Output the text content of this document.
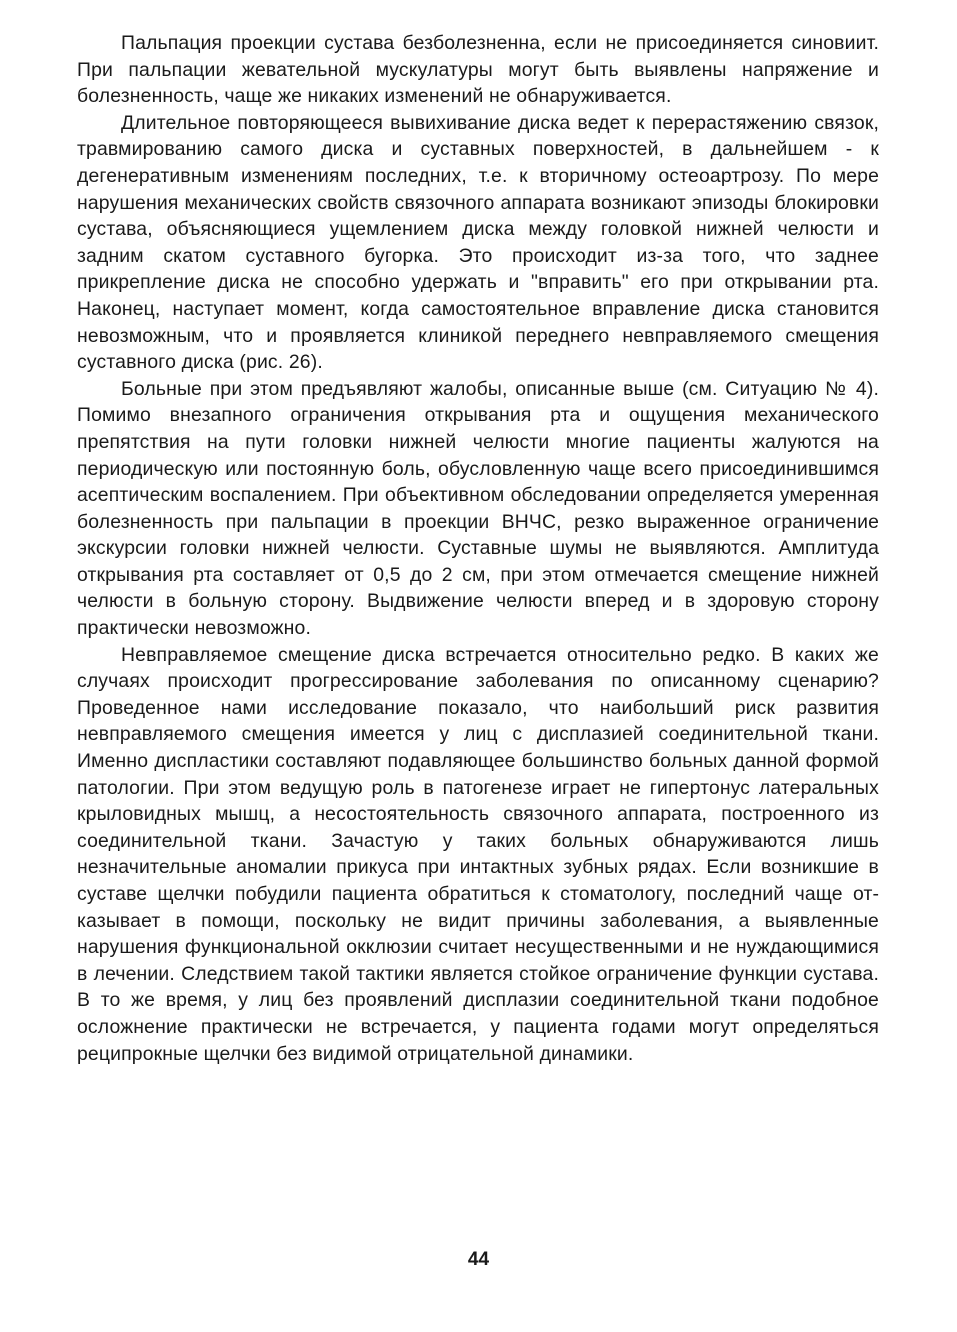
Пальпация проекции сустава безболезненна, если не присоединяется синовиит. При пальпации жевательной мускулатуры могут быть выявлены напряжение и болезненность, чаще же никаких изменений не обнаруживается.

Длительное повторяющееся вывихивание диска ведет к перерастяжению связок, травмированию самого диска и суставных поверхностей, в дальнейшем - к дегенеративным изменениям последних, т.е. к вторичному остеоартрозу. По мере нарушения механических свойств связочного аппарата возникают эпизоды блокировки сустава, объясняющиеся ущемлением диска между головкой нижней челюсти и задним скатом суставного бугорка. Это происходит из-за того, что заднее прикрепление диска не способно удержать и "вправить" его при открывании рта. Наконец, наступает момент, когда самостоятельное вправление диска становится невозможным, что и проявляется клиникой переднего невправляемого смещения суставного диска (рис. 26).

Больные при этом предъявляют жалобы, описанные выше (см. Ситуацию № 4). Помимо внезапного ограничения открывания рта и ощущения механического препятствия на пути головки нижней челюсти многие пациенты жалуются на периодическую или постоянную боль, обусловленную чаще всего присоединившимся асептическим воспалением. При объективном обследовании определяется умеренная болезненность при пальпации в проекции ВНЧС, резко выраженное ограничение экскурсии головки нижней челюсти. Суставные шумы не выявляются. Амплитуда открывания рта составляет от 0,5 до 2 см, при этом отмечается смещение нижней челюсти в больную сторону. Выдвижение челюсти вперед и в здоровую сторону практически невозможно.

Невправляемое смещение диска встречается относительно редко. В каких же случаях происходит прогрессирование заболевания по описанному сценарию? Проведенное нами исследование показало, что наибольший риск развития невправляемого смещения имеется у лиц с дисплазией соединительной ткани. Именно диспластики составляют подавляющее большинство больных данной формой патологии. При этом ведущую роль в патогенезе играет не гипертонус латеральных крыловидных мышц, а несостоятельность связочного аппарата, построенного из соединительной ткани. Зачастую у таких больных обнаруживаются лишь незначительные аномалии прикуса при интактных зубных рядах. Если возникшие в суставе щелчки побудили пациента обратиться к стоматологу, последний чаще отказывает в помощи, поскольку не видит причины заболевания, а выявленные нарушения функциональной окклюзии считает несущественными и не нуждающимися в лечении. Следствием такой тактики является стойкое ограничение функции сустава. В то же время, у лиц без проявлений дисплазии соединительной ткани подобное осложнение практически не встречается, у пациента годами могут определяться реципрокные щелчки без видимой отрицательной динамики.

44
